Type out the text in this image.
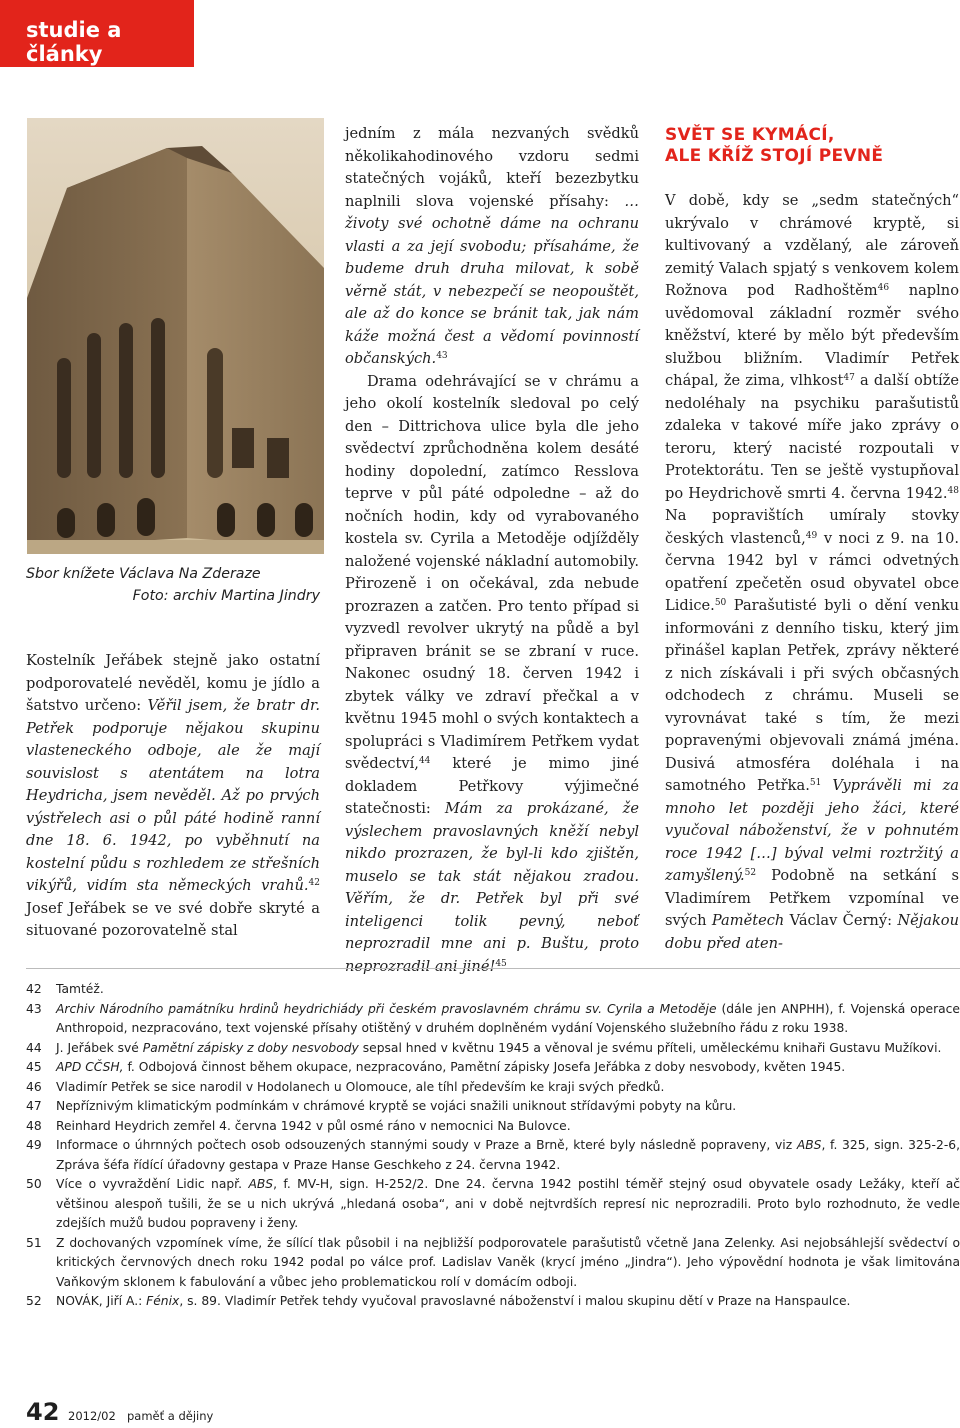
studie a články
Sbor knížete Václava Na Zderaze
Foto: archiv Martina Jindry

Kostelník Jeřábek stejně jako ostatní podporovatelé nevěděl, komu je jídlo a šatstvo určeno: Věřil jsem, že bratr dr. Petřek podporuje nějakou skupinu vlasteneckého odboje, ale že mají souvislost s atentátem na lotra Heydricha, jsem nevěděl. Až po prvých výstřelech asi o půl páté hodině ranní dne 18. 6. 1942, po vyběhnutí na kostelní půdu s rozhledem ze střešních vikýřů, vidím sta německých vrahů.$^{42}$ Josef Jeřábek se ve své dobře skryté a situované pozorovatelně stal

jedním z mála nezvaných svědků několikahodinového vzdoru sedmi statečných vojáků, kteří bezezbytku naplnili slova vojenské přísahy: … životy své ochotně dáme na ochranu vlasti a za její svobodu; přísaháme, že budeme druh druha milovat, k sobě věrně stát, v nebezpečí se neopouštět, ale až do konce se bránit tak, jak nám káže možná čest a vědomí povinností občanských.$^{43}$

Drama odehrávající se v chrámu a jeho okolí kostelník sledoval po celý den – Dittrichova ulice byla dle jeho svědectví zprůchodněna kolem desáté hodiny dopolední, zatímco Resslova teprve v půl páté odpoledne – až do nočních hodin, kdy od vyrabovaného kostela sv. Cyrila a Metoděje odjížděly naložené vojenské nákladní automobily. Přirozeně i on očekával, zda nebude prozrazen a zatčen. Pro tento případ si vyzvedl revolver ukrytý na půdě a byl připraven bránit se se zbraní v ruce. Nakonec osudný 18. červen 1942 i zbytek války ve zdraví přečkal a v květnu 1945 mohl o svých kontaktech a spolupráci s Vladimírem Petřkem vydat svědectví,$^{44}$ které je mimo jiné dokladem Petřkovy výjimečné statečnosti: Mám za prokázané, že výslechem pravoslavných kněží nebyl nikdo prozrazen, že byl-li kdo zjištěn, muselo se tak stát nějakou zradou. Věřím, že dr. Petřek byl při své inteligenci tolik pevný, neboť neprozradil mne ani p. Buštu, proto neprozradil ani jiné!$^{45}$

SVĚT SE KYMÁCÍ,
ALE KŘÍŽ STOJÍ PEVNĚ

V době, kdy se „sedm statečných“ ukrývalo v chrámové kryptě, si kultivovaný a vzdělaný, ale zároveň zemitý Valach spjatý s venkovem kolem Rožnova pod Radhoštěm$^{46}$ naplno uvědomoval základní rozměr svého kněžství, které by mělo být především službou bližním. Vladimír Petřek chápal, že zima, vlhkost$^{47}$ a další obtíže nedoléhaly na psychiku parašutistů zdaleka v takové míře jako zprávy o teroru, který nacisté rozpoutali v Protektorátu. Ten se ještě vystupňoval po Heydrichově smrti 4. června 1942.48 Na popravištích umíraly stovky českých vlastenců,$^{49}$ v noci z 9. na 10. června 1942 byl v rámci odvetných opatření zpečetěn osud obyvatel obce Lidice.$^{50}$ Parašutisté byli o dění venku informováni z denního tisku, který jim přinášel kaplan Petřek, zprávy některé z nich získávali i při svých občasných odchodech z chrámu. Museli se vyrovnávat také s tím, že mezi popravenými objevovali známá jména. Dusivá atmosféra doléhala i na samotného Petřka.$^{51}$ Vyprávěli mi za mnoho let později jeho žáci, které vyučoval náboženství, že v pohnutém roce 1942 […] býval velmi roztržitý a zamyšlený.$^{52}$ Podobně na setkání s Vladimírem Petřkem vzpomínal ve svých Pamětech Václav Černý: Nějakou dobu před aten-

42	Tamtéž.
43	Archiv Národního památníku hrdinů heydrichiády při českém pravoslavném chrámu sv. Cyrila a Metoděje (dále jen ANPHH), f. Vojenská operace Anthropoid, nezpracováno, text vojenské přísahy otištěný v druhém doplněném vydání Vojenského služebního řádu z roku 1938.
44	J. Jeřábek své Pamětní zápisky z doby nesvobody sepsal hned v květnu 1945 a věnoval je svému příteli, uměleckému knihaři Gustavu Mužíkovi.
45	APD CČSH, f. Odbojová činnost během okupace, nezpracováno, Pamětní zápisky Josefa Jeřábka z doby nesvobody, květen 1945.
46	Vladimír Petřek se sice narodil v Hodolanech u Olomouce, ale tíhl především ke kraji svých předků.
47	Nepříznivým klimatickým podmínkám v chrámové kryptě se vojáci snažili uniknout střídavými pobyty na kůru.
48	Reinhard Heydrich zemřel 4. června 1942 v půl osmé ráno v nemocnici Na Bulovce.
49	Informace o úhrnných počtech osob odsouzených stannými soudy v Praze a Brně, které byly následně popraveny, viz ABS, f. 325, sign. 325-2-6, Zpráva šéfa řídící úřadovny gestapa v Praze Hanse Geschkeho z 24. června 1942.
50	Více o vyvraždění Lidic např. ABS, f. MV-H, sign. H-252/2. Dne 24. června 1942 postihl téměř stejný osud obyvatele osady Ležáky, kteří ač většinou alespoň tušili, že se u nich ukrývá „hledaná osoba“, ani v době nejtvrdších represí nic neprozradili. Proto bylo rozhodnuto, že vedle zdejších mužů budou popraveny i ženy.
51	Z dochovaných vzpomínek víme, že sílící tlak působil i na nejbližší podporovatele parašutistů včetně Jana Zelenky. Asi nejobsáhlejší svědectví o kritických červnových dnech roku 1942 podal po válce prof. Ladislav Vaněk (krycí jméno „Jindra“). Jeho výpovědní hodnota je však limitována Vaňkovým sklonem k fabulování a vůbec jeho problematickou rolí v domácím odboji.
52	NOVÁK, Jiří A.: Fénix, s. 89. Vladimír Petřek tehdy vyučoval pravoslavné náboženství i malou skupinu dětí v Praze na Hanspaulce.
42 2012/02 paměť a dějiny
